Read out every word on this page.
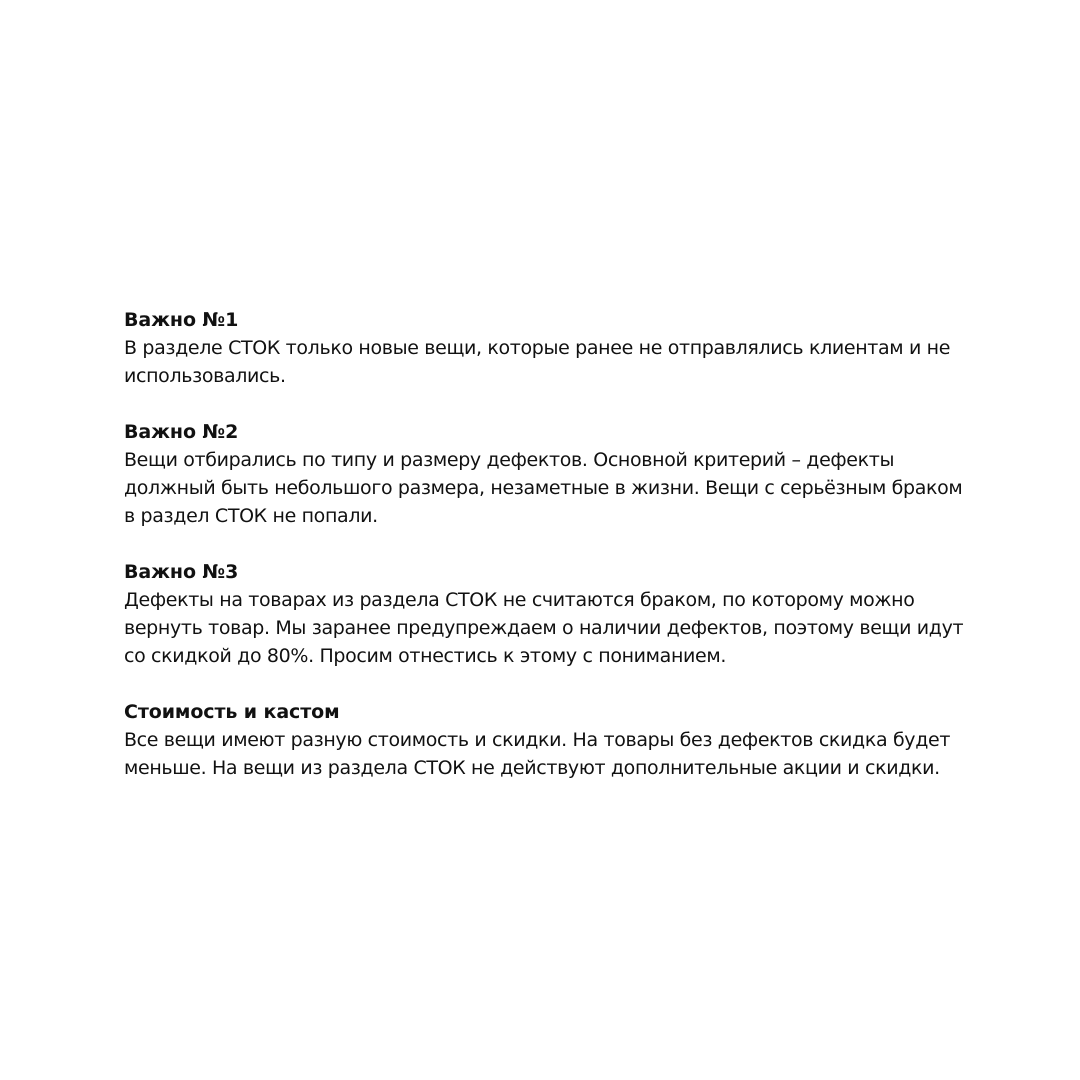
Важно №1

В разделе СТОК только новые вещи, которые ранее не отправлялись клиентам и не
использовались.

Важно №2

Вещи отбирались по типу и размеру дефектов. Основной критерий – дефекты
должный быть небольшого размера, незаметные в жизни. Вещи с серьёзным браком
в раздел СТОК не попали.

Важно №3

Дефекты на товарах из раздела СТОК не считаются браком, по которому можно
вернуть товар. Мы заранее предупреждаем о наличии дефектов, поэтому вещи идут
со скидкой до 80%. Просим отнестись к этому с пониманием.

Стоимость и кастом

Все вещи имеют разную стоимость и скидки. На товары без дефектов скидка будет
меньше. На вещи из раздела СТОК не действуют дополнительные акции и скидки.
